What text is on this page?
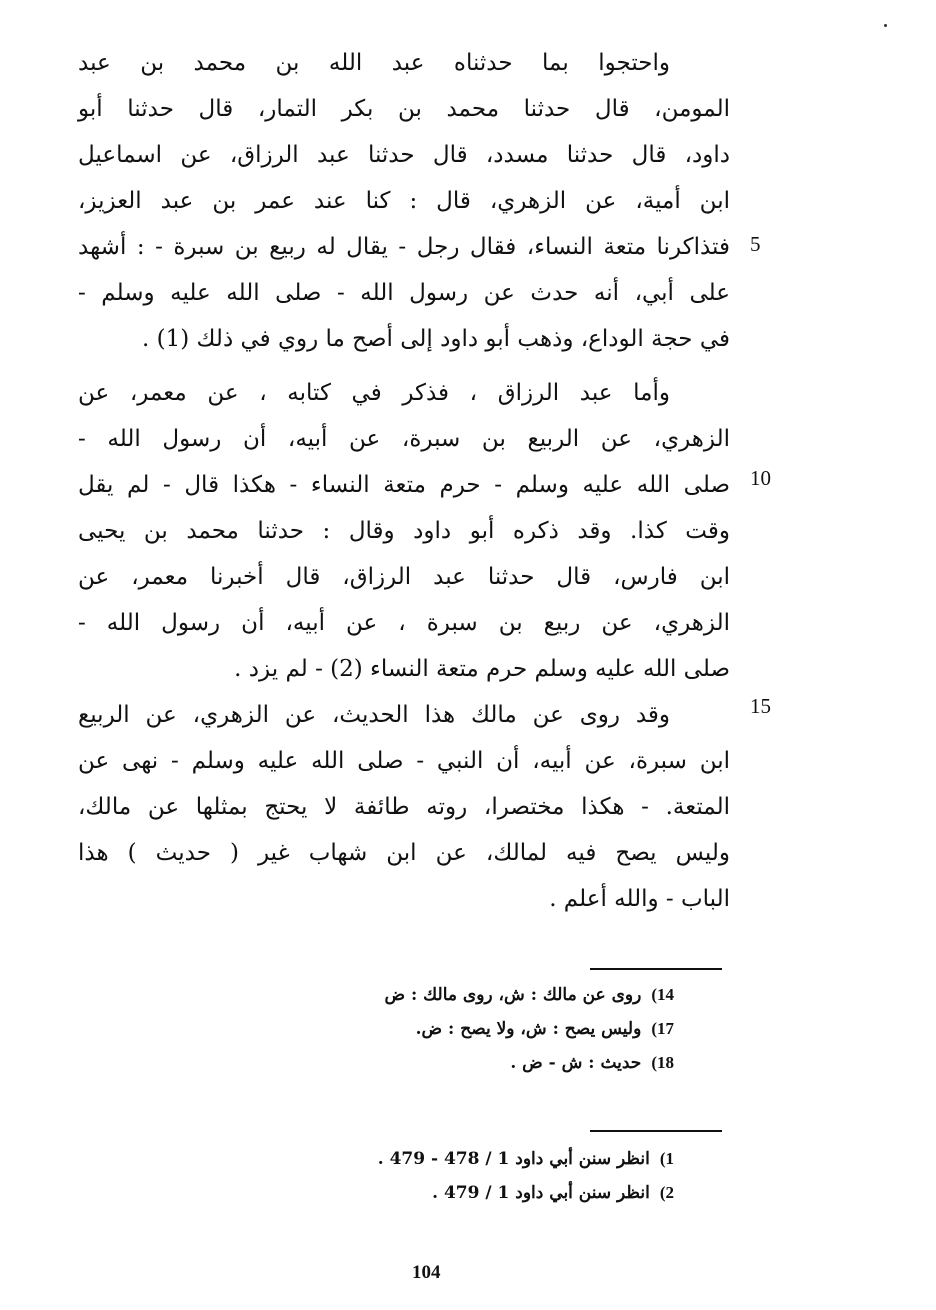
واحتجوا بما حدثناه عبد الله بن محمد بن عبد
المومن، قال حدثنا محمد بن بكر التمار، قال حدثنا أبو
داود، قال حدثنا مسدد، قال حدثنا عبد الرزاق، عن اسماعيل
ابن أمية، عن الزهري، قال : كنا عند عمر بن عبد العزيز،
فتذاكرنا متعة النساء، فقال رجل - يقال له ربيع بن سبرة - : أشهد
على أبي، أنه حدث عن رسول الله - صلى الله عليه وسلم -
في حجة الوداع، وذهب أبو داود إلى أصح ما روي في ذلك (1) .
وأما عبد الرزاق ، فذكر في كتابه ، عن معمر، عن
الزهري، عن الربيع بن سبرة، عن أبيه، أن رسول الله -
صلى الله عليه وسلم - حرم متعة النساء - هكذا قال - لم يقل
وقت كذا. وقد ذكره أبو داود وقال : حدثنا محمد بن يحيى
ابن فارس، قال حدثنا عبد الرزاق، قال أخبرنا معمر، عن
الزهري، عن ربيع بن سبرة ، عن أبيه، أن رسول الله -
صلى الله عليه وسلم حرم متعة النساء (2) - لم يزد .
وقد روى عن مالك هذا الحديث، عن الزهري، عن الربيع
ابن سبرة، عن أبيه، أن النبي - صلى الله عليه وسلم - نهى عن
المتعة. - هكذا مختصرا، روته طائفة لا يحتج بمثلها عن مالك،
وليس يصح فيه لمالك، عن ابن شهاب غير ( حديث ) هذا
الباب - والله أعلم .
5
10
15
14)روى عن مالك : ش، روى مالك : ض
17)وليس يصح : ش، ولا يصح : ض.
18)حديث : ش - ض .
1)انظر سنن أبي داود 1 / 478 - 479 .
2)انظر سنن أبي داود 1 / 479 .
104
